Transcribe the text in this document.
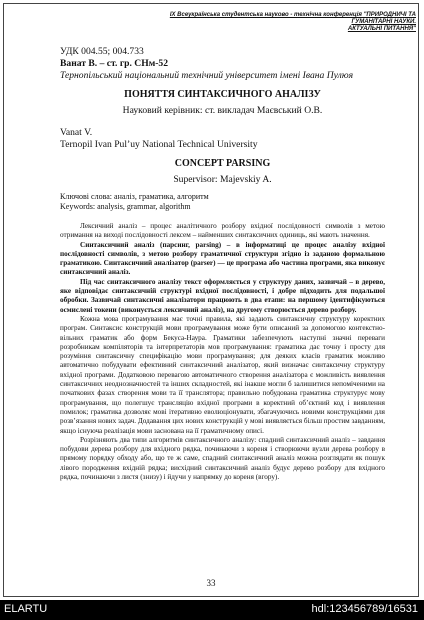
IX Всеукраїнська студентська науково - технічна конференція "ПРИРОДНИЧІ ТА ГУМАНІТАРНІ НАУКИ.
АКТУАЛЬНІ ПИТАННЯ"

УДК 004.55; 004.733

Ванат В. – ст. гр. СНм-52

Тернопільський національний технічний університет імені Івана Пулюя

ПОНЯТТЯ СИНТАКСИЧНОГО АНАЛІЗУ

Науковий керівник: ст. викладач Маєвський О.В.

Vanat V.

Ternopil Ivan Pul’uy National Technical University

CONCEPT PARSING

Supervisor: Majevskiy A.

Ключові слова: аналіз, граматика, алгоритм

Keywords: analysis, grammar, algorithm

Лексичний аналіз – процес аналітичного розбору вхідної послідовності символів з метою отримання на виході послідовності лексем – найменших синтаксичних одиниць, які мають значення.

Синтаксичний аналіз (парсинг, parsing) – в інформатиці це процес аналізу вхідної послідовності символів, з метою розбору граматичної структури згідно із заданою формальною граматикою. Синтаксичний аналізатор (parser) — це програма або частина програми, яка виконує синтаксичний аналіз.

Під час синтаксичного аналізу текст оформляється у структуру даних, зазвичай – в дерево, яке відповідає синтаксичній структурі вхідної послідовності, і добре підходить для подальшої обробки. Зазвичай синтаксичні аналізатори працюють в два етапи: на першому ідентифікуються осмислені токени (виконується лексичний аналіз), на другому створюється дерево розбору.

Кожна мова програмування має точні правила, які задають синтаксичну структуру коректних програм. Синтаксис конструкцій мови програмування може бути описаний за допомогою контекстно-вільних граматик або форм Бекуса-Наура. Граматики забезпечують наступні значні переваги розробникам компіляторів та інтерпретаторів мов програмування: граматика дає точну і просту для розуміння синтаксичну специфікацію мови програмування; для деяких класів граматик можливо автоматично побудувати ефективний синтаксичний аналізатор, який визначає синтаксичну структуру вхідної програми. Додатковою перевагою автоматичного створення аналізатора є можливість виявлення синтаксичних неоднозначностей та інших складностей, які інакше могли б залишитися непоміченими на початкових фазах створення мови та її транслятора; правильно побудована граматика структурує мову програмування, що полегшує трансляцію вхідної програми в коректний об’єктний код і виявлення помилок; граматика дозволяє мові ітеративно еволюціонувати, збагачуючись новими конструкціями для розв’язання нових задач. Додавання цих нових конструкцій у мові виявляється більш простим завданням, якщо існуюча реалізація мови заснована на її граматичному описі.

Розрізняють два типи алгоритмів синтаксичного аналізу: спадний синтаксичний аналіз – завдання побудови дерева розбору для вхідного рядка, починаючи з кореня і створюючи вузли дерева розбору в прямому порядку обходу або, що те ж саме, спадний синтаксичний аналіз можна розглядати як пошук лівого породження вхідній рядка; висхідний синтаксичний аналіз будує дерево розбору для вхідного рядка, починаючи з листя (знизу) і йдучи у напрямку до кореня (вгору).

33
ELARTU	hdl:123456789/16531
